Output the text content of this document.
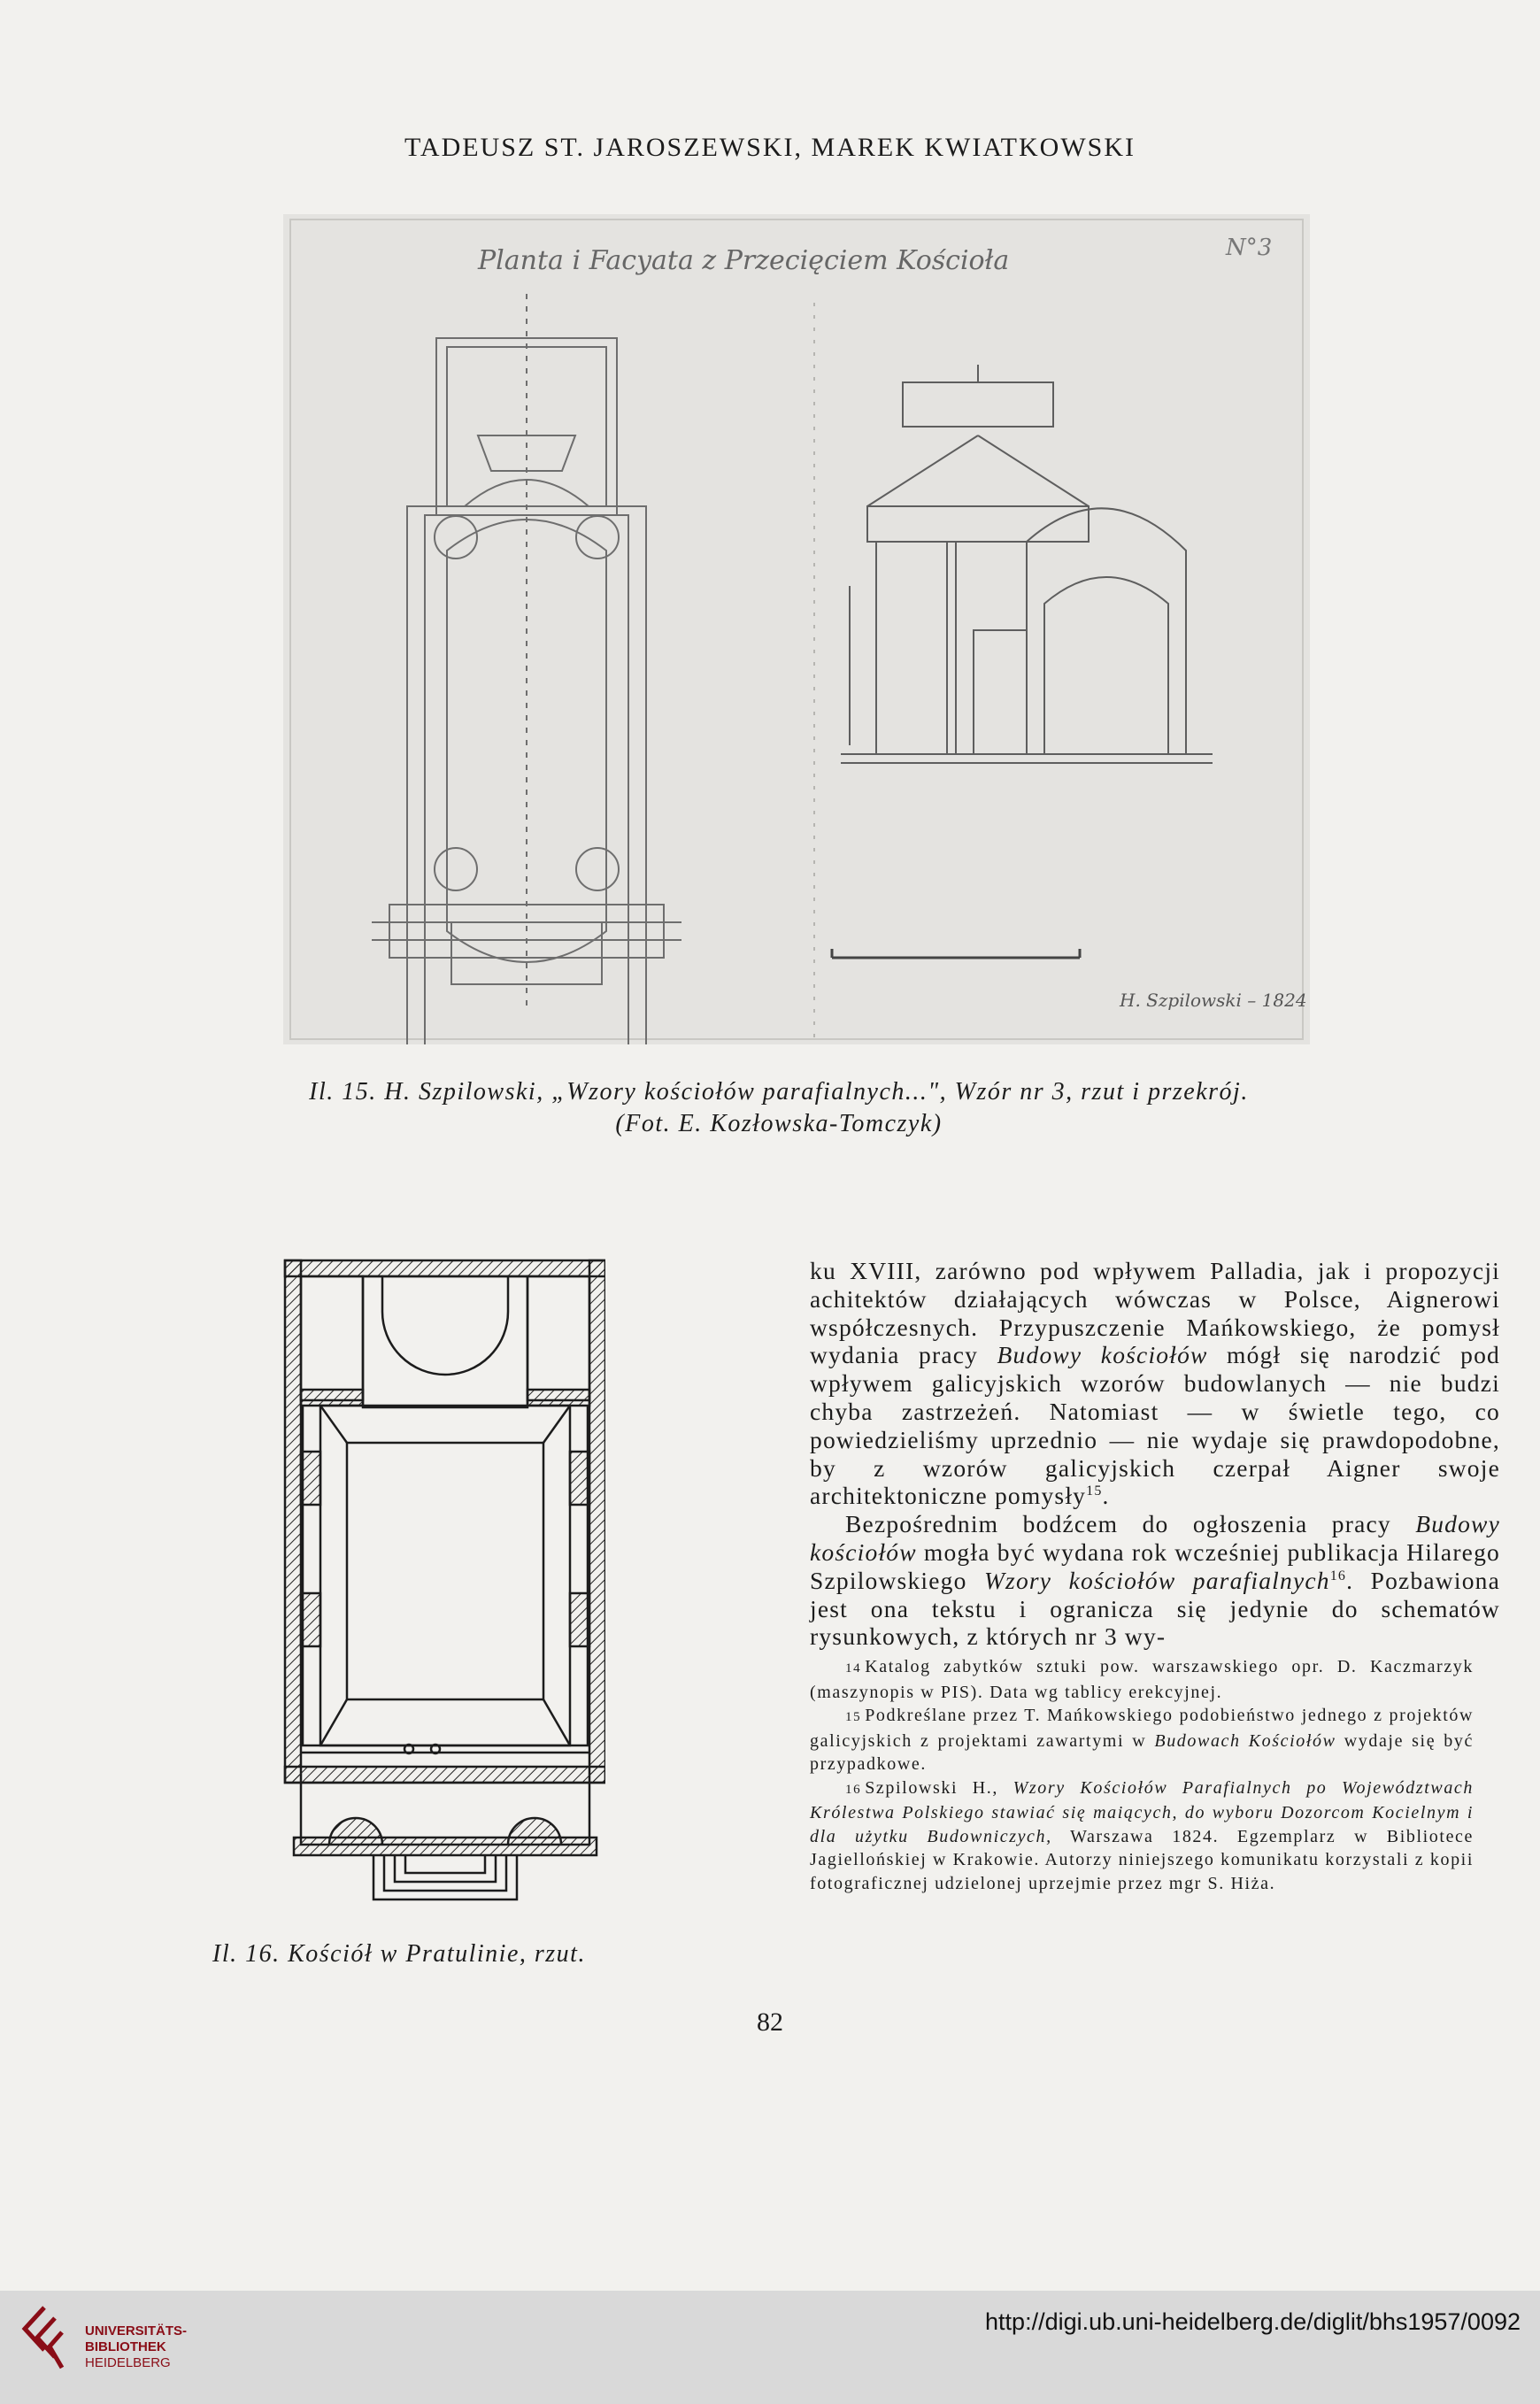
TADEUSZ ST. JAROSZEWSKI, MAREK KWIATKOWSKI
Planta i Facyata z Przecięciem Kościoła	N°3
H. Szpilowski – 1824
Il. 15. H. Szpilowski, „Wzory kościołów parafialnych...", Wzór nr 3, rzut i przekrój.
(Fot. E. Kozłowska-Tomczyk)
Il. 16. Kościół w Pratulinie, rzut.

ku XVIII, zarówno pod wpływem Palladia, jak i propozycji achitektów działających wówczas w Polsce, Aignerowi współczesnych. Przypuszczenie Mańkowskiego, że pomysł wydania pracy Budowy kościołów mógł się narodzić pod wpływem galicyjskich wzorów budowlanych — nie budzi chyba zastrzeżeń. Natomiast — w świetle tego, co powiedzieliśmy uprzednio — nie wydaje się prawdopodobne, by z wzorów galicyjskich czerpał Aigner swoje architektoniczne pomysły$^{15}$.

Bezpośrednim bodźcem do ogłoszenia pracy Budowy kościołów mogła być wydana rok wcześniej publikacja Hilarego Szpilowskiego Wzory kościołów parafialnych$^{16}$. Pozbawiona jest ona tekstu i ogranicza się jedynie do schematów rysunkowych, z których nr 3 wy-

14 Katalog zabytków sztuki pow. warszawskiego opr. D. Kaczmarzyk (maszynopis w PIS). Data wg tablicy erekcyjnej.

15 Podkreślane przez T. Mańkowskiego podobieństwo jednego z projektów galicyjskich z projektami zawartymi w Budowach Kościołów wydaje się być przypadkowe.

16 Szpilowski H., Wzory Kościołów Parafialnych po Województwach Królestwa Polskiego stawiać się maiących, do wyboru Dozorcom Kocielnym i dla użytku Budowniczych, Warszawa 1824. Egzemplarz w Bibliotece Jagiellońskiej w Krakowie. Autorzy niniejszego komunikatu korzystali z kopii fotograficznej udzielonej uprzejmie przez mgr S. Hiża.

82
UNIVERSITÄTS-
BIBLIOTHEK
HEIDELBERG
http://digi.ub.uni-heidelberg.de/diglit/bhs1957/0092
